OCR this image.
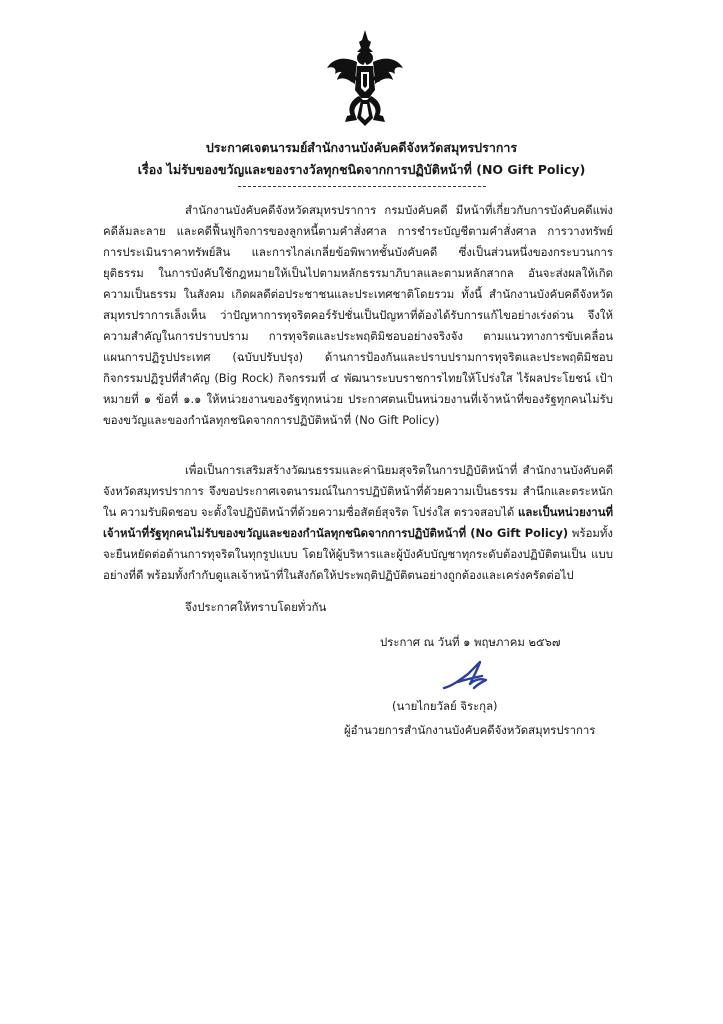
ประกาศเจตนารมย์สำนักงานบังคับคดีจังหวัดสมุทรปราการ
เรื่อง ไม่รับของขวัญและของรางวัลทุกชนิดจากการปฏิบัติหน้าที่ (NO Gift Policy)

สำนักงานบังคับคดีจังหวัดสมุทรปราการ กรมบังคับคดี มีหน้าที่เกี่ยวกับการบังคับคดีแพ่ง คดีล้มละลาย และคดีฟื้นฟูกิจการของลูกหนี้ตามคำสั่งศาล การชำระบัญชีตามคำสั่งศาล การวางทรัพย์ การประเมินราคาทรัพย์สิน และการไกล่เกลี่ยข้อพิพาทชั้นบังคับคดี ซึ่งเป็นส่วนหนึ่งของกระบวนการยุติธรรม ในการบังคับใช้กฎหมายให้เป็นไปตามหลักธรรมาภิบาลและตามหลักสากล อันจะส่งผลให้เกิดความเป็นธรรม ในสังคม เกิดผลดีต่อประชาชนและประเทศชาติโดยรวม ทั้งนี้ สำนักงานบังคับคดีจังหวัดสมุทรปราการเล็งเห็น ว่าปัญหาการทุจริตคอร์รัปชั่นเป็นปัญหาที่ต้องได้รับการแก้ไขอย่างเร่งด่วน จึงให้ความสำคัญในการปราบปราม การทุจริตและประพฤติมิชอบอย่างจริงจัง ตามแนวทางการขับเคลื่อนแผนการปฏิรูปประเทศ (ฉบับปรับปรุง) ด้านการป้องกันและปราบปรามการทุจริตและประพฤติมิชอบ กิจกรรมปฏิรูปที่สำคัญ (Big Rock) กิจกรรมที่ ๔ พัฒนาระบบราชการไทยให้โปร่งใส ไร้ผลประโยชน์ เป้าหมายที่ ๑ ข้อที่ ๑.๑ ให้หน่วยงานของรัฐทุกหน่วย ประกาศตนเป็นหน่วยงานที่เจ้าหน้าที่ของรัฐทุกคนไม่รับของขวัญและของกำนัลทุกชนิดจากการปฏิบัติหน้าที่ (No Gift Policy)

เพื่อเป็นการเสริมสร้างวัฒนธรรมและค่านิยมสุจริตในการปฏิบัติหน้าที่ สำนักงานบังคับคดี จังหวัดสมุทรปราการ จึงขอประกาศเจตนารมณ์ในการปฏิบัติหน้าที่ด้วยความเป็นธรรม สำนึกและตระหนักใน ความรับผิดชอบ จะตั้งใจปฏิบัติหน้าที่ด้วยความซื่อสัตย์สุจริต โปร่งใส ตรวจสอบได้ และเป็นหน่วยงานที่ เจ้าหน้าที่รัฐทุกคนไม่รับของขวัญและของกำนัลทุกชนิดจากการปฏิบัติหน้าที่ (No Gift Policy) พร้อมทั้ง จะยืนหยัดต่อต้านการทุจริตในทุกรูปแบบ โดยให้ผู้บริหารและผู้บังคับบัญชาทุกระดับต้องปฏิบัติตนเป็น แบบอย่างที่ดี พร้อมทั้งกำกับดูแลเจ้าหน้าที่ในสังกัดให้ประพฤติปฏิบัติตนอย่างถูกต้องและเคร่งครัดต่อไป

จึงประกาศให้ทราบโดยทั่วกัน

ประกาศ ณ วันที่ ๑ พฤษภาคม ๒๕๖๗
(นายไกยวัลย์ จิระกุล)
ผู้อำนวยการสำนักงานบังคับคดีจังหวัดสมุทรปราการ
